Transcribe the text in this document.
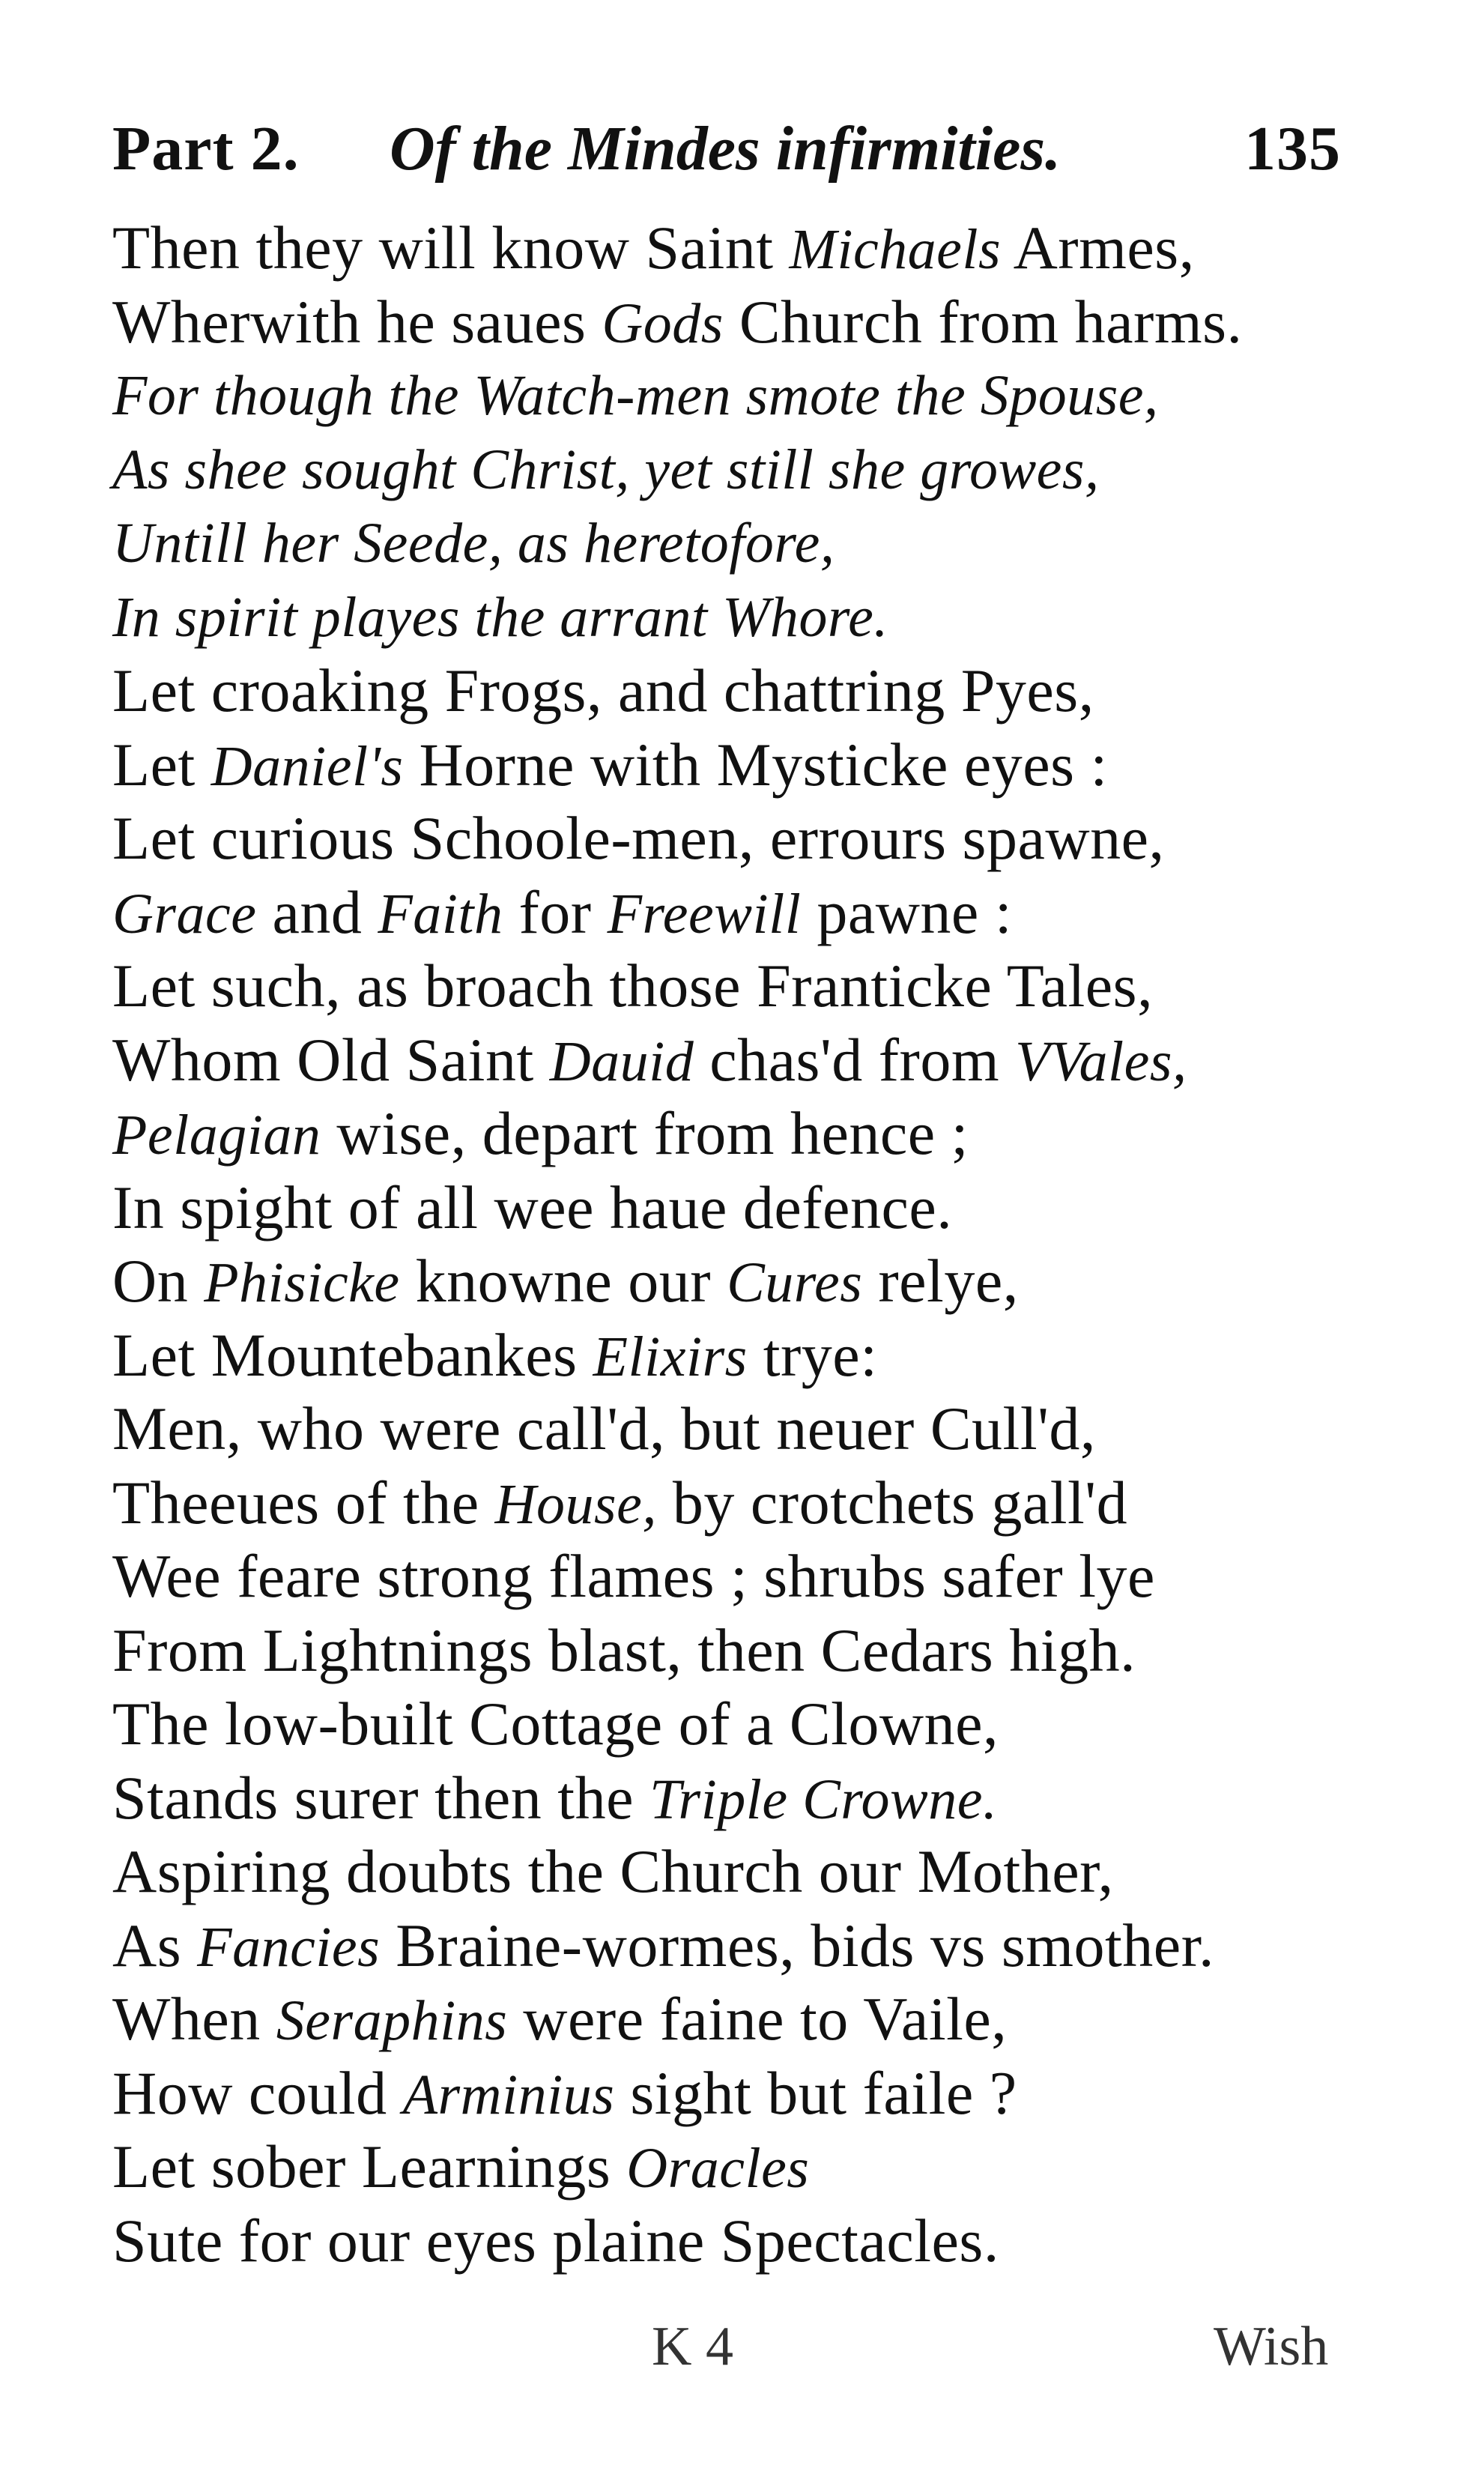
Part 2.	Of the Mindes infirmities.	135
Then they will know Saint Michaels Armes,
Wherwith he saues Gods Church from harms.
For though the Watch-men smote the Spouse,
As shee sought Christ, yet still she growes,
Untill her Seede, as heretofore,
In spirit playes the arrant Whore.
Let croaking Frogs, and chattring Pyes,
Let Daniel's Horne with Mysticke eyes :
Let curious Schoole-men, errours spawne,
Grace and Faith for Freewill pawne :
Let such, as broach those Franticke Tales,
Whom Old Saint Dauid chas'd from VVales,
Pelagian wise, depart from hence ;
In spight of all wee haue defence.
On Phisicke knowne our Cures relye,
Let Mountebankes Elixirs trye:
Men, who were call'd, but neuer Cull'd,
Theeues of the House, by crotchets gall'd
Wee feare strong flames ; shrubs safer lye
From Lightnings blast, then Cedars high.
The low-built Cottage of a Clowne,
Stands surer then the Triple Crowne.
Aspiring doubts the Church our Mother,
As Fancies Braine-wormes, bids vs smother.
When Seraphins were faine to Vaile,
How could Arminius sight but faile ?
Let sober Learnings Oracles
Sute for our eyes plaine Spectacles.
K 4	Wish
